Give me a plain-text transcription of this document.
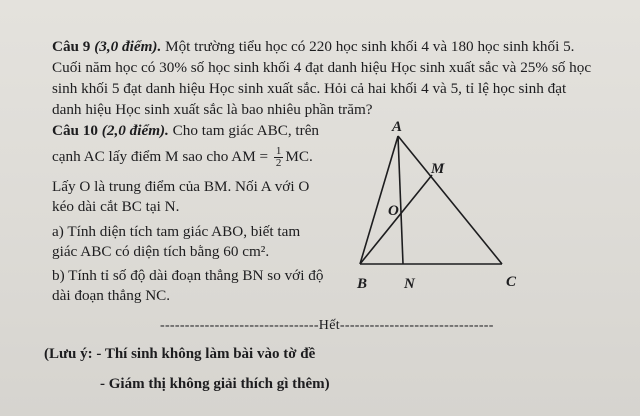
Câu 9 (3,0 điểm). Một trường tiểu học có 220 học sinh khối 4 và 180 học sinh khối 5.

Cuối năm học có 30% số học sinh khối 4 đạt danh hiệu Học sinh xuất sắc và 25% số học

sinh khối 5 đạt danh hiệu Học sinh xuất sắc. Hỏi cả hai khối 4 và 5, tỉ lệ học sinh đạt

danh hiệu Học sinh xuất sắc là bao nhiêu phần trăm?

Câu 10 (2,0 điểm). Cho tam giác ABC, trên
cạnh AC lấy điểm M sao cho AM = $\frac{1}{2}$ MC.
Lấy O là trung điểm của BM. Nối A với O
kéo dài cắt BC tại N.
a) Tính diện tích tam giác ABO, biết tam
giác ABC có diện tích bằng 60 cm².
b) Tính tỉ số độ dài đoạn thẳng BN so với độ
dài đoạn thẳng NC.
A
B	C
M
N
O
--------------------------------Hết-------------------------------
(Lưu ý: - Thí sinh không làm bài vào tờ đề
- Giám thị không giải thích gì thêm)
